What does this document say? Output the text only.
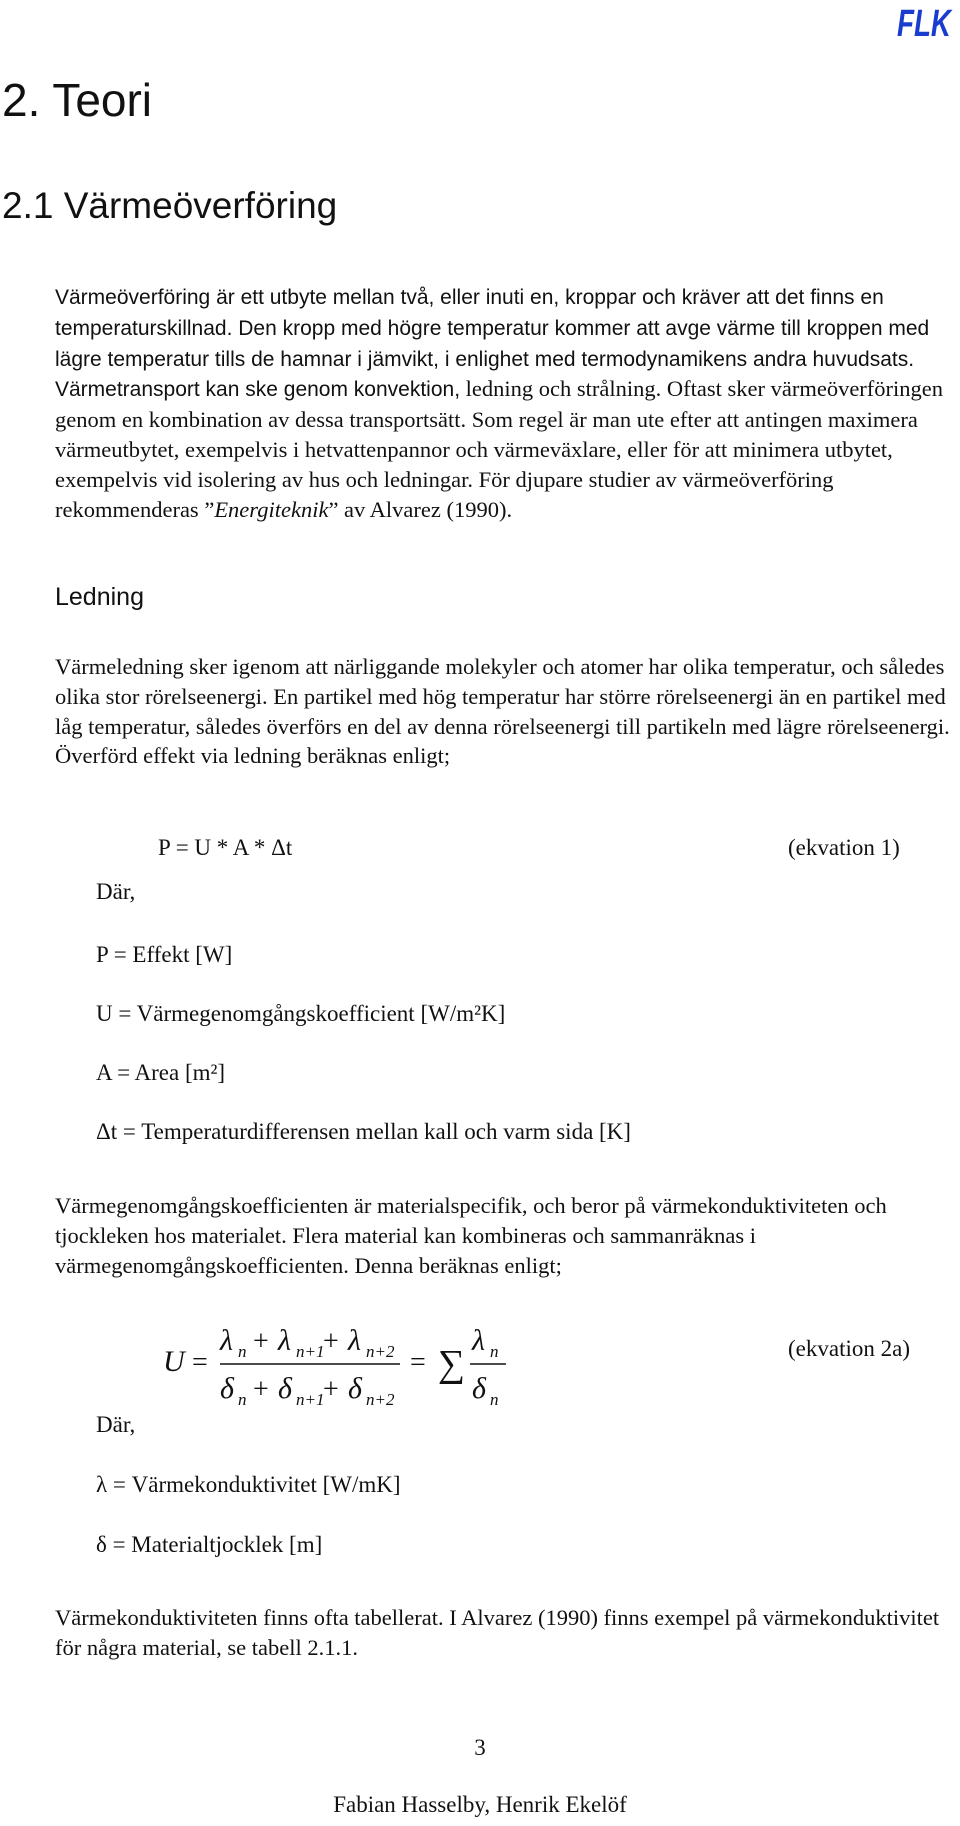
FLK
2. Teori
2.1 Värmeöverföring

Värmeöverföring är ett utbyte mellan två, eller inuti en, kroppar och kräver att det finns en temperaturskillnad. Den kropp med högre temperatur kommer att avge värme till kroppen med lägre temperatur tills de hamnar i jämvikt, i enlighet med termodynamikens andra huvudsats. Värmetransport kan ske genom konvektion, ledning och strålning. Oftast sker värmeöverföringen genom en kombination av dessa transportsätt. Som regel är man ute efter att antingen maximera värmeutbytet, exempelvis i hetvattenpannor och värmeväxlare, eller för att minimera utbytet, exempelvis vid isolering av hus och ledningar. För djupare studier av värmeöverföring rekommenderas ”Energiteknik” av Alvarez (1990).

Ledning

Värmeledning sker igenom att närliggande molekyler och atomer har olika temperatur, och således olika stor rörelseenergi. En partikel med hög temperatur har större rörelseenergi än en partikel med låg temperatur, således överförs en del av denna rörelseenergi till partikeln med lägre rörelseenergi. Överförd effekt via ledning beräknas enligt;

P = U * A * Δt	(ekvation 1)
Där,
P = Effekt [W]
U = Värmegenomgångskoefficient [W/m²K]
A = Area [m²]
Δt = Temperaturdifferensen mellan kall och varm sida [K]

Värmegenomgångskoefficienten är materialspecifik, och beror på värmekonduktiviteten och tjockleken hos materialet. Flera material kan kombineras och sammanräknas i värmegenomgångskoefficienten. Denna beräknas enligt;

U =
λ n + λ n+1
+ λ n+2
δ n + δ n+1
+ δ n+2
= ∑
λ n
δ n
(ekvation 2a)
Där,
λ = Värmekonduktivitet [W/mK]
δ = Materialtjocklek [m]

Värmekonduktiviteten finns ofta tabellerat. I Alvarez (1990) finns exempel på värmekonduktivitet för några material, se tabell 2.1.1.

3
Fabian Hasselby, Henrik Ekelöf
